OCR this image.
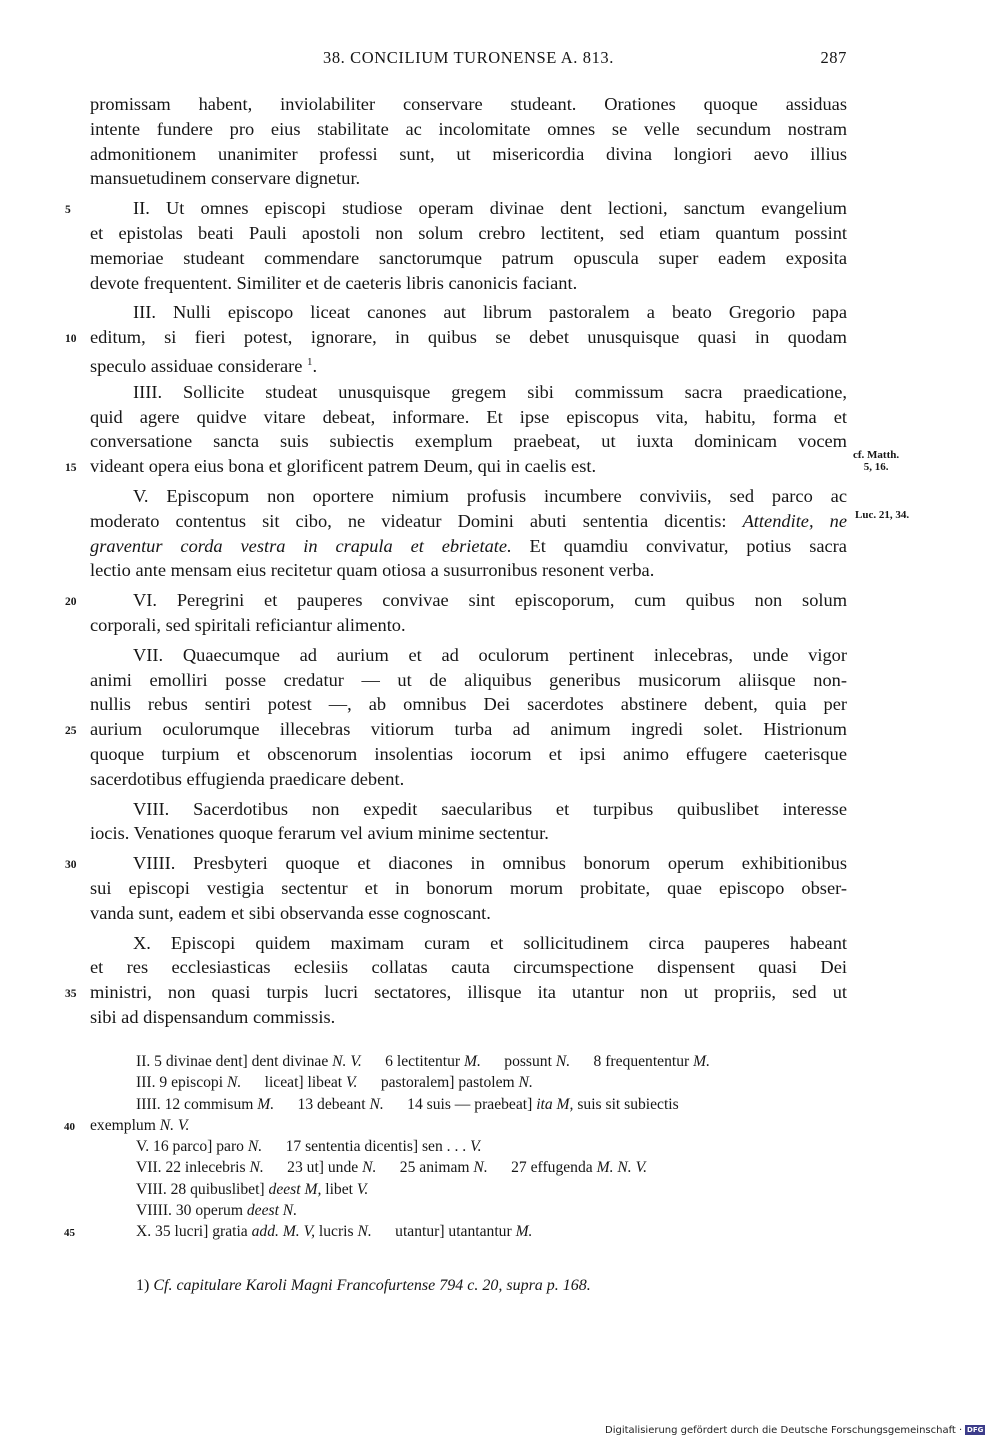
38. CONCILIUM TURONENSE A. 813.	287
promissam habent, inviolabiliter conservare studeant. Orationes quoque assiduas
intente fundere pro eius stabilitate ac incolomitate omnes se velle secundum nostram
admonitionem unanimiter professi sunt, ut misericordia divina longiori aevo illius
mansuetudinem conservare dignetur.
5	II. Ut omnes episcopi studiose operam divinae dent lectioni, sanctum evangelium
et epistolas beati Pauli apostoli non solum crebro lectitent, sed etiam quantum possint
memoriae studeant commendare sanctorumque patrum opuscula super eadem exposita
devote frequentent. Similiter et de caeteris libris canonicis faciant.
III. Nulli episcopo liceat canones aut librum pastoralem a beato Gregorio papa
10 editum, si fieri potest, ignorare, in quibus se debet unusquisque quasi in quodam
speculo assiduae considerare $^1$.
IIII. Sollicite studeat unusquisque gregem sibi commissum sacra praedicatione,
quid agere quidve vitare debeat, informare. Et ipse episcopus vita, habitu, forma et
conversatione sancta suis subiectis exemplum praebeat, ut iuxta dominicam vocem
15 videant opera eius bona et glorificent patrem Deum, qui in caelis est.
V. Episcopum non oportere nimium profusis incumbere conviviis, sed parco ac
moderato contentus sit cibo, ne videatur Domini abuti sententia dicentis: Attendite, ne
graventur corda vestra in crapula et ebrietate. Et quamdiu convivatur, potius sacra
lectio ante mensam eius recitetur quam otiosa a susurronibus resonent verba.
20	VI. Peregrini et pauperes convivae sint episcoporum, cum quibus non solum
corporali, sed spiritali reficiantur alimento.
VII. Quaecumque ad aurium et ad oculorum pertinent inlecebras, unde vigor
animi emolliri posse credatur — ut de aliquibus generibus musicorum aliisque non-
nullis rebus sentiri potest —, ab omnibus Dei sacerdotes abstinere debent, quia per
25 aurium oculorumque illecebras vitiorum turba ad animum ingredi solet. Histrionum
quoque turpium et obscenorum insolentias iocorum et ipsi animo effugere caeterisque
sacerdotibus effugienda praedicare debent.
VIII. Sacerdotibus non expedit saecularibus et turpibus quibuslibet interesse
iocis. Venationes quoque ferarum vel avium minime sectentur.
30	VIIII. Presbyteri quoque et diacones in omnibus bonorum operum exhibitionibus
sui episcopi vestigia sectentur et in bonorum morum probitate, quae episcopo obser-
vanda sunt, eadem et sibi observanda esse cognoscant.
X. Episcopi quidem maximam curam et sollicitudinem circa pauperes habeant
et res ecclesiasticas eclesiis collatas cauta circumspectione dispensent quasi Dei
35 ministri, non quasi turpis lucri sectatores, illisque ita utantur non ut propriis, sed ut
sibi ad dispensandum commissis.
cf. Matth.
5, 16.
Luc. 21, 34.
II. 5 divinae dent] dent divinae N. V.      6 lectitentur M.      possunt N.      8 frequententur M.
III. 9 episcopi N.      liceat] libeat V.      pastoralem] pastolem N.
IIII. 12 commisum M.      13 debeant N.      14 suis — praebeat] ita M, suis sit subiectis
40 exemplum N. V.
V. 16 parco] paro N.      17 sententia dicentis] sen . . . V.
VII. 22 inlecebris N.      23 ut] unde N.      25 animam N.      27 effugenda M. N. V.
VIII. 28 quibuslibet] deest M, libet V.
VIIII. 30 operum deest N.
45	X. 35 lucri] gratia add. M. V, lucris N.      utantur] utantantur M.
1) Cf. capitulare Karoli Magni Francofurtense 794 c. 20, supra p. 168.
Digitalisierung gefördert durch die Deutsche Forschungsgemeinschaft · DFG
